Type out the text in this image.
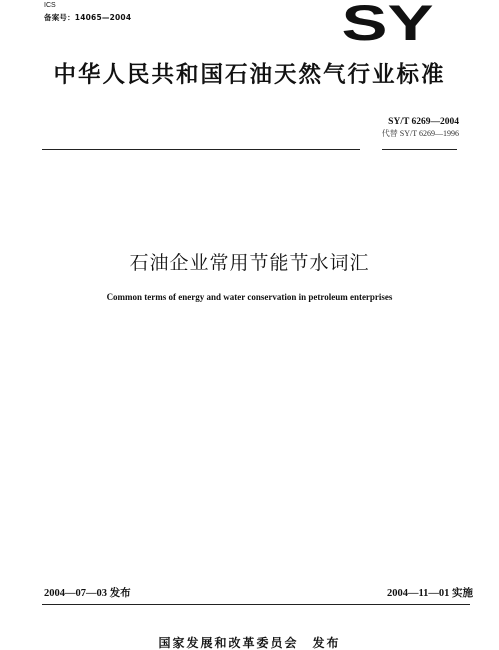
ICS
备案号：14065—2004	SY
中华人民共和国石油天然气行业标准
SY/T 6269—2004
代替 SY/T 6269—1996
石油企业常用节能节水词汇
Common terms of energy and water conservation in petroleum enterprises
2004—07—03 发布	2004—11—01 实施
国家发展和改革委员会　发布
